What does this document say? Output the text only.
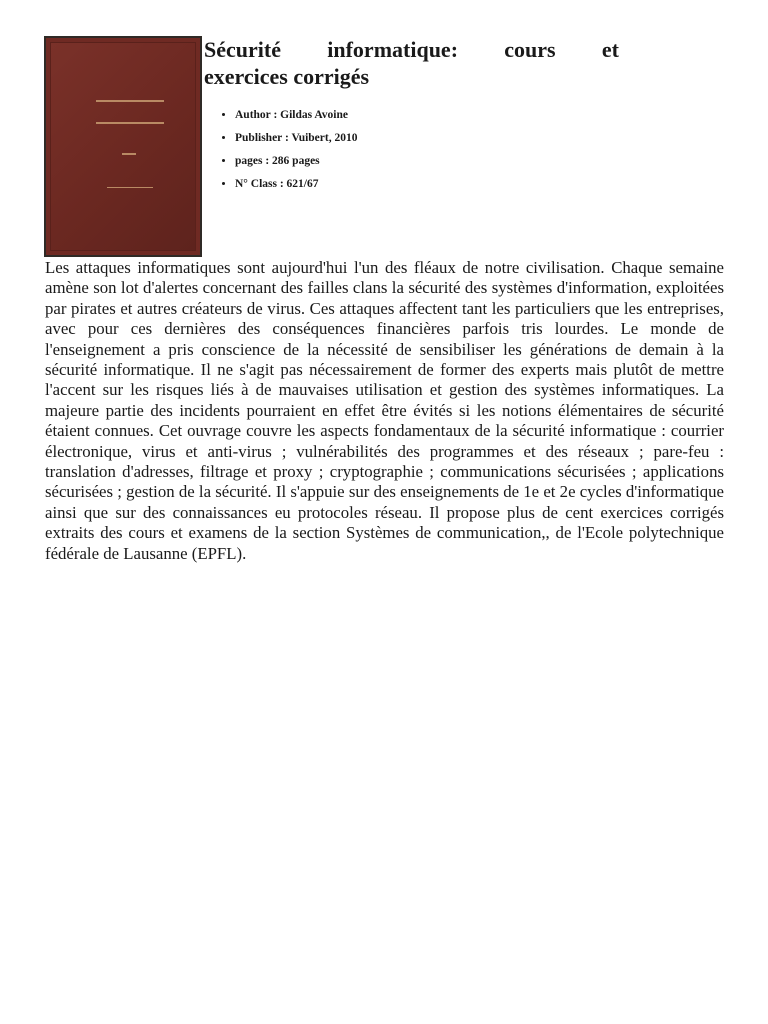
Sécurité informatique: cours et
exercices corrigés
• Author : Gildas Avoine
• Publisher : Vuibert, 2010
• pages : 286 pages
• N° Class : 621/67

Les attaques informatiques sont aujourd'hui l'un des fléaux de notre civilisation. Chaque semaine amène son lot d'alertes concernant des failles clans la sécurité des systèmes d'information, exploitées par pirates et autres créateurs de virus. Ces attaques affectent tant les particuliers que les entreprises, avec pour ces dernières des conséquences financières parfois tris lourdes. Le monde de l'enseignement a pris conscience de la nécessité de sensibiliser les générations de demain à la sécurité informatique. Il ne s'agit pas nécessairement de former des experts mais plutôt de mettre l'accent sur les risques liés à de mauvaises utilisation et gestion des systèmes informatiques. La majeure partie des incidents pourraient en effet être évités si les notions élémentaires de sécurité étaient connues. Cet ouvrage couvre les aspects fondamentaux de la sécurité informatique : courrier électronique, virus et anti-virus ; vulnérabilités des programmes et des réseaux ; pare-feu : translation d'adresses, filtrage et proxy ; cryptographie ; communications sécurisées ; applications sécurisées ; gestion de la sécurité. Il s'appuie sur des enseignements de 1e et 2e cycles d'informatique ainsi que sur des connaissances eu protocoles réseau. Il propose plus de cent exercices corrigés extraits des cours et examens de la section Systèmes de communication,, de l'Ecole polytechnique fédérale de Lausanne (EPFL).
